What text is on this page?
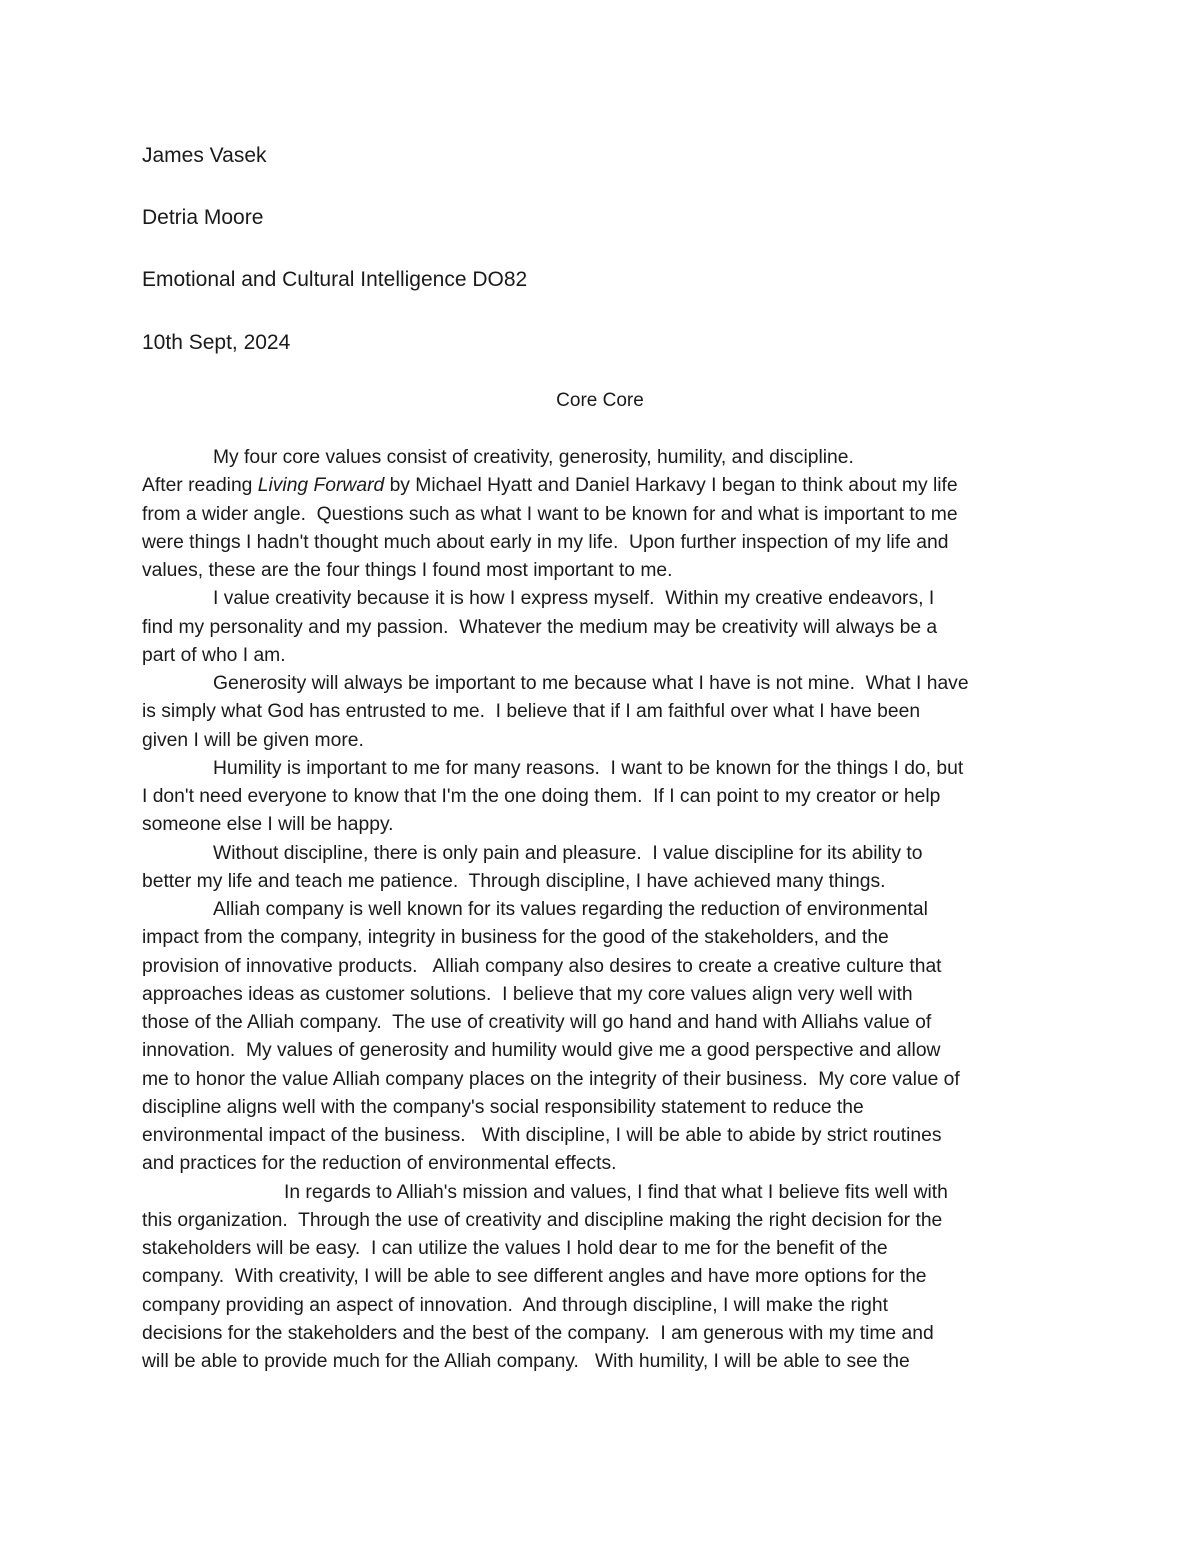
James Vasek
Detria Moore
Emotional and Cultural Intelligence DO82
10th Sept, 2024
Core Core
My four core values consist of creativity, generosity, humility, and discipline.
After reading Living Forward by Michael Hyatt and Daniel Harkavy I began to think about my life
from a wider angle.  Questions such as what I want to be known for and what is important to me
were things I hadn't thought much about early in my life.  Upon further inspection of my life and
values, these are the four things I found most important to me.
I value creativity because it is how I express myself.  Within my creative endeavors, I
find my personality and my passion.  Whatever the medium may be creativity will always be a
part of who I am.
Generosity will always be important to me because what I have is not mine.  What I have
is simply what God has entrusted to me.  I believe that if I am faithful over what I have been
given I will be given more.
Humility is important to me for many reasons.  I want to be known for the things I do, but
I don't need everyone to know that I'm the one doing them.  If I can point to my creator or help
someone else I will be happy.
Without discipline, there is only pain and pleasure.  I value discipline for its ability to
better my life and teach me patience.  Through discipline, I have achieved many things.
Alliah company is well known for its values regarding the reduction of environmental
impact from the company, integrity in business for the good of the stakeholders, and the
provision of innovative products.   Alliah company also desires to create a creative culture that
approaches ideas as customer solutions.  I believe that my core values align very well with
those of the Alliah company.  The use of creativity will go hand and hand with Alliahs value of
innovation.  My values of generosity and humility would give me a good perspective and allow
me to honor the value Alliah company places on the integrity of their business.  My core value of
discipline aligns well with the company's social responsibility statement to reduce the
environmental impact of the business.   With discipline, I will be able to abide by strict routines
and practices for the reduction of environmental effects.
In regards to Alliah's mission and values, I find that what I believe fits well with
this organization.  Through the use of creativity and discipline making the right decision for the
stakeholders will be easy.  I can utilize the values I hold dear to me for the benefit of the
company.  With creativity, I will be able to see different angles and have more options for the
company providing an aspect of innovation.  And through discipline, I will make the right
decisions for the stakeholders and the best of the company.  I am generous with my time and
will be able to provide much for the Alliah company.   With humility, I will be able to see the
